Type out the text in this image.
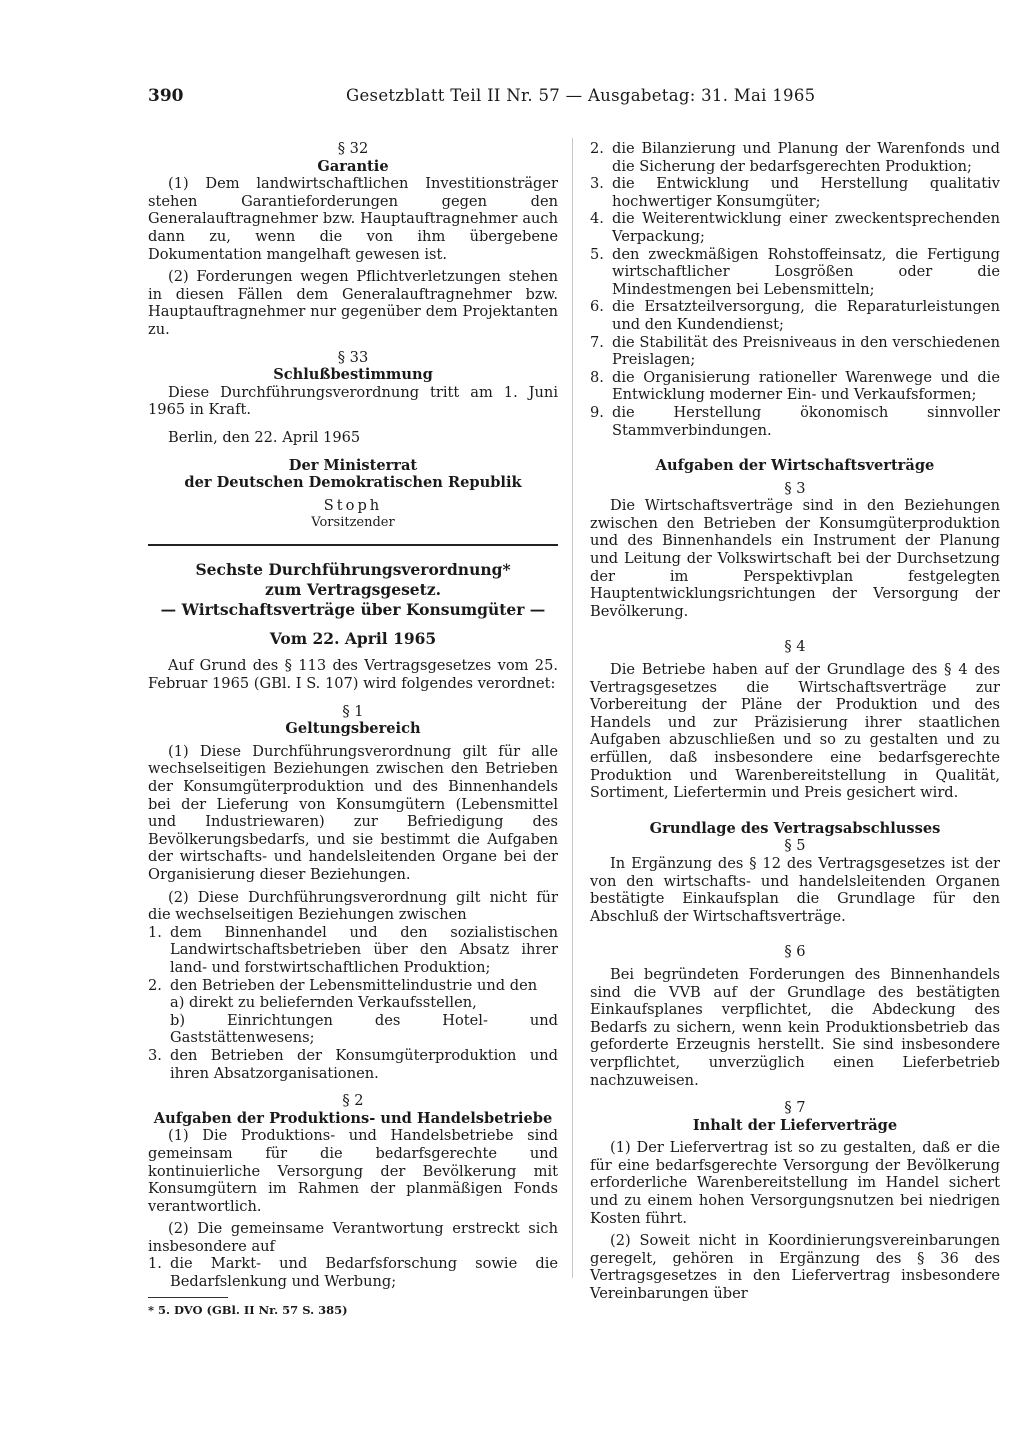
390	Gesetzblatt Teil II Nr. 57 — Ausgabetag: 31. Mai 1965

§ 32

Garantie

(1) Dem landwirtschaftlichen Investitionsträger stehen Garantieforderungen gegen den Generalauftragnehmer bzw. Hauptauftragnehmer auch dann zu, wenn die von ihm übergebene Dokumentation mangelhaft gewesen ist.

(2) Forderungen wegen Pflichtverletzungen stehen in diesen Fällen dem Generalauftragnehmer bzw. Hauptauftragnehmer nur gegenüber dem Projektanten zu.

§ 33

Schlußbestimmung

Diese Durchführungsverordnung tritt am 1. Juni 1965 in Kraft.

Berlin, den 22. April 1965

Der Ministerrat

der Deutschen Demokratischen Republik

Stoph

Vorsitzender

Sechste Durchführungsverordnung*
zum Vertragsgesetz.
— Wirtschaftsverträge über Konsumgüter —
Vom 22. April 1965

Auf Grund des § 113 des Vertragsgesetzes vom 25. Februar 1965 (GBl. I S. 107) wird folgendes verordnet:

§ 1

Geltungsbereich

(1) Diese Durchführungsverordnung gilt für alle wechselseitigen Beziehungen zwischen den Betrieben der Konsumgüterproduktion und des Binnenhandels bei der Lieferung von Konsumgütern (Lebensmittel und Industriewaren) zur Befriedigung des Bevölkerungsbedarfs, und sie bestimmt die Aufgaben der wirtschafts- und handelsleitenden Organe bei der Organisierung dieser Beziehungen.

(2) Diese Durchführungsverordnung gilt nicht für die wechselseitigen Beziehungen zwischen

1. dem Binnenhandel und den sozialistischen Landwirtschaftsbetrieben über den Absatz ihrer land- und forstwirtschaftlichen Produktion;
2. den Betrieben der Lebensmittelindustrie und den
a) direkt zu beliefernden Verkaufsstellen,
b) Einrichtungen des Hotel- und Gaststättenwesens;
3. den Betrieben der Konsumgüterproduktion und ihren Absatzorganisationen.

§ 2

Aufgaben der Produktions- und Handelsbetriebe

(1) Die Produktions- und Handelsbetriebe sind gemeinsam für die bedarfsgerechte und kontinuierliche Versorgung der Bevölkerung mit Konsumgütern im Rahmen der planmäßigen Fonds verantwortlich.

(2) Die gemeinsame Verantwortung erstreckt sich insbesondere auf

1. die Markt- und Bedarfsforschung sowie die Bedarfslenkung und Werbung;
* 5. DVO (GBl. II Nr. 57 S. 385)
2. die Bilanzierung und Planung der Warenfonds und die Sicherung der bedarfsgerechten Produktion;
3. die Entwicklung und Herstellung qualitativ hochwertiger Konsumgüter;
4. die Weiterentwicklung einer zweckentsprechenden Verpackung;
5. den zweckmäßigen Rohstoffeinsatz, die Fertigung wirtschaftlicher Losgrößen oder die Mindestmengen bei Lebensmitteln;
6. die Ersatzteilversorgung, die Reparaturleistungen und den Kundendienst;
7. die Stabilität des Preisniveaus in den verschiedenen Preislagen;
8. die Organisierung rationeller Warenwege und die Entwicklung moderner Ein- und Verkaufsformen;
9. die Herstellung ökonomisch sinnvoller Stammverbindungen.

Aufgaben der Wirtschaftsverträge

§ 3

Die Wirtschaftsverträge sind in den Beziehungen zwischen den Betrieben der Konsumgüterproduktion und des Binnenhandels ein Instrument der Planung und Leitung der Volkswirtschaft bei der Durchsetzung der im Perspektivplan festgelegten Hauptentwicklungsrichtungen der Versorgung der Bevölkerung.

§ 4

Die Betriebe haben auf der Grundlage des § 4 des Vertragsgesetzes die Wirtschaftsverträge zur Vorbereitung der Pläne der Produktion und des Handels und zur Präzisierung ihrer staatlichen Aufgaben abzuschließen und so zu gestalten und zu erfüllen, daß insbesondere eine bedarfsgerechte Produktion und Warenbereitstellung in Qualität, Sortiment, Liefertermin und Preis gesichert wird.

Grundlage des Vertragsabschlusses

§ 5

In Ergänzung des § 12 des Vertragsgesetzes ist der von den wirtschafts- und handelsleitenden Organen bestätigte Einkaufsplan die Grundlage für den Abschluß der Wirtschaftsverträge.

§ 6

Bei begründeten Forderungen des Binnenhandels sind die VVB auf der Grundlage des bestätigten Einkaufsplanes verpflichtet, die Abdeckung des Bedarfs zu sichern, wenn kein Produktionsbetrieb das geforderte Erzeugnis herstellt. Sie sind insbesondere verpflichtet, unverzüglich einen Lieferbetrieb nachzuweisen.

§ 7

Inhalt der Lieferverträge

(1) Der Liefervertrag ist so zu gestalten, daß er die für eine bedarfsgerechte Versorgung der Bevölkerung erforderliche Warenbereitstellung im Handel sichert und zu einem hohen Versorgungsnutzen bei niedrigen Kosten führt.

(2) Soweit nicht in Koordinierungsvereinbarungen geregelt, gehören in Ergänzung des § 36 des Vertragsgesetzes in den Liefervertrag insbesondere Vereinbarungen über
